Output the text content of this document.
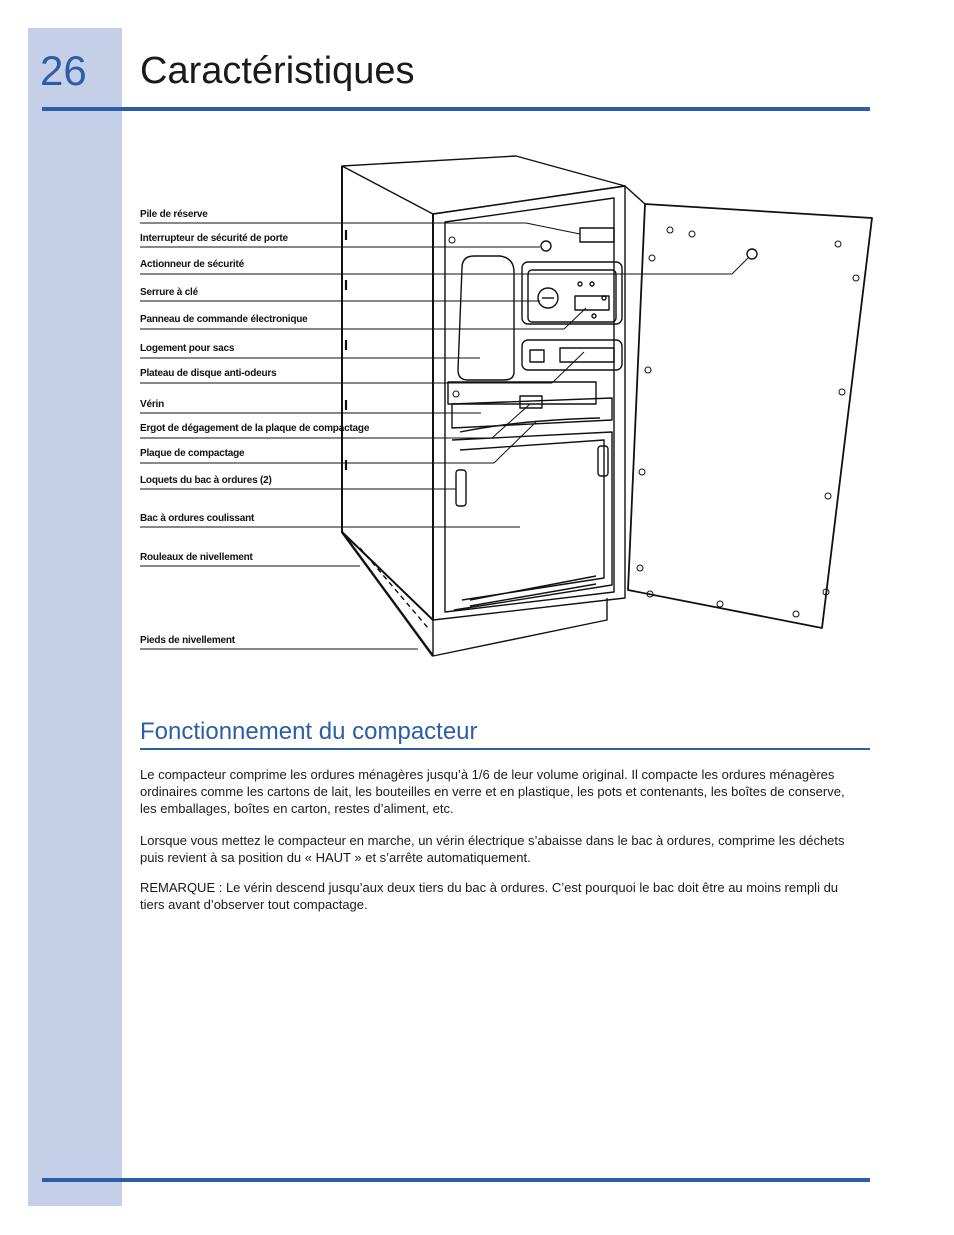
26 Caractéristiques
Pile de réserve
Interrupteur de sécurité de porte
Actionneur de sécurité
Serrure à clé
Panneau de commande électronique
Logement pour sacs
Plateau de disque anti-odeurs
Vérin
Ergot de dégagement de la plaque de compactage
Plaque de compactage
Loquets du bac à ordures (2)
Bac à ordures coulissant
Rouleaux de nivellement
Pieds de nivellement
Fonctionnement du compacteur

Le compacteur comprime les ordures ménagères jusqu’à 1/6 de leur volume original. Il compacte les ordures ménagères ordinaires comme les cartons de lait, les bouteilles en verre et en plastique, les pots et contenants, les boîtes de conserve, les emballages, boîtes en carton, restes d’aliment, etc.

Lorsque vous mettez le compacteur en marche, un vérin électrique s’abaisse dans le bac à ordures, comprime les déchets puis revient à sa position du « HAUT » et s’arrête automatiquement.

REMARQUE : Le vérin descend jusqu’aux deux tiers du bac à ordures. C’est pourquoi le bac doit être au moins rempli du tiers avant d’observer tout compactage.
